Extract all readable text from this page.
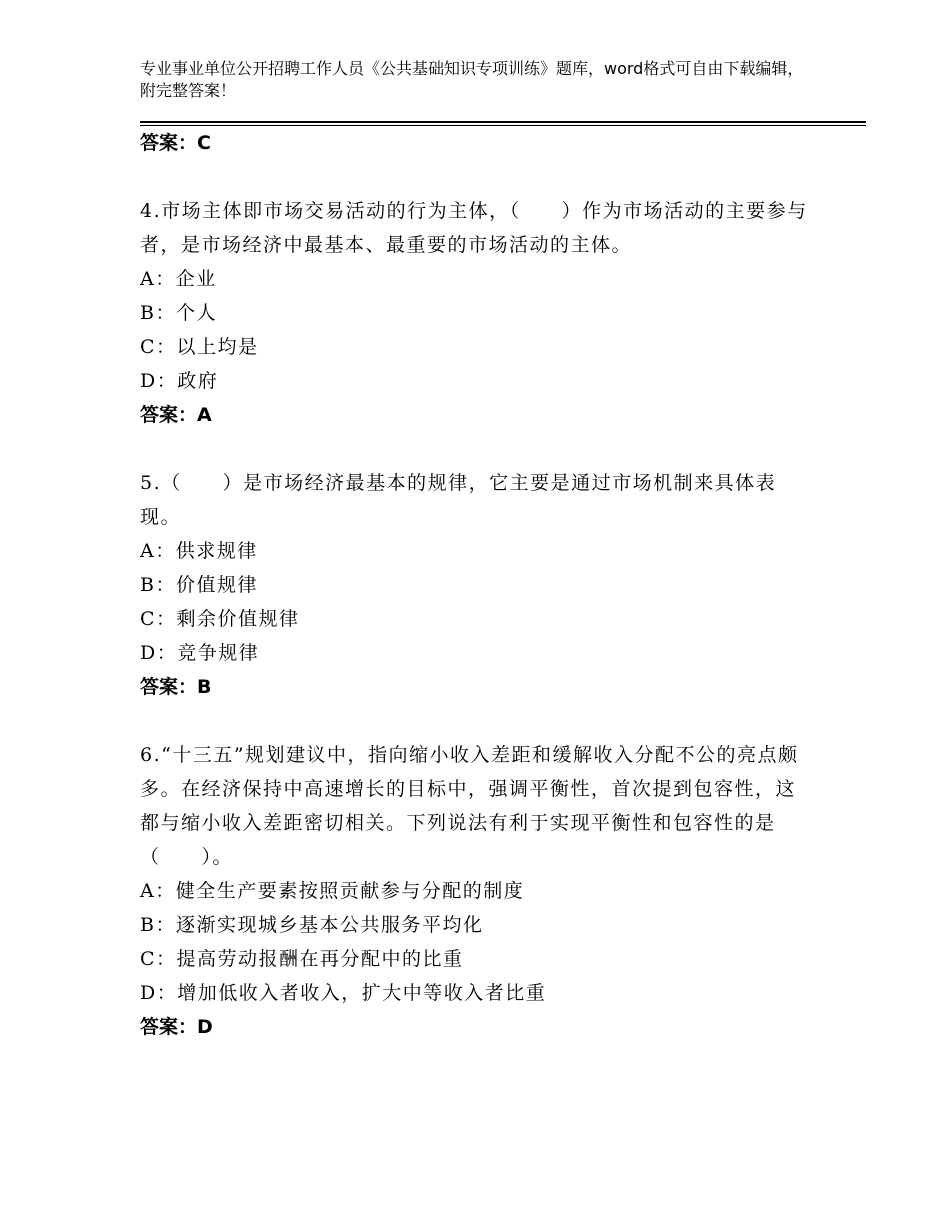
专业事业单位公开招聘工作人员《公共基础知识专项训练》题库，word格式可自由下载编辑，附完整答案！
答案：C
4.市场主体即市场交易活动的行为主体，（　　）作为市场活动的主要参与者，是市场经济中最基本、最重要的市场活动的主体。
A：企业
B：个人
C：以上均是
D：政府
答案：A
5.（　　）是市场经济最基本的规律，它主要是通过市场机制来具体表现。
A：供求规律
B：价值规律
C：剩余价值规律
D：竞争规律
答案：B
6.“十三五”规划建议中，指向缩小收入差距和缓解收入分配不公的亮点颇多。在经济保持中高速增长的目标中，强调平衡性，首次提到包容性，这都与缩小收入差距密切相关。下列说法有利于实现平衡性和包容性的是（　　）。
A：健全生产要素按照贡献参与分配的制度
B：逐渐实现城乡基本公共服务平均化
C：提高劳动报酬在再分配中的比重
D：增加低收入者收入，扩大中等收入者比重
答案：D
